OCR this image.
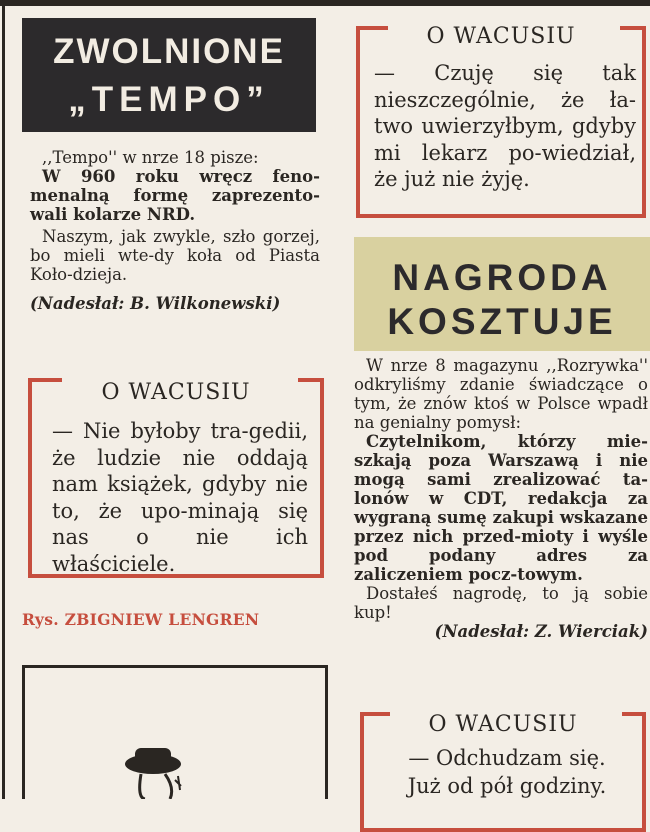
ZWOLNIONE
„TEMPO”

,,Tempo'' w nrze 18 pisze:

W 960 roku wręcz feno-menalną formę zaprezento-wali kolarze NRD.

Naszym, jak zwykle, szło gorzej, bo mieli wte-dy koła od Piasta Koło-dzieja.

(Nadesłał: B. Wilkonewski)

O WACUSIU
— Nie byłoby tra-gedii, że ludzie nie oddają nam książek, gdyby nie to, że upo-minają się nas o nie ich właściciele.
Rys. ZBIGNIEW LENGREN
O WACUSIU
— Czuję się tak nieszczególnie, że ła-two uwierzyłbym, gdyby mi lekarz po-wiedział, że już nie żyję.
NAGRODA
KOSZTUJE

W nrze 8 magazynu ,,Rozrywka'' odkryliśmy zdanie świadczące o tym, że znów ktoś w Polsce wpadł na genialny pomysł:

Czytelnikom, którzy mie-szkają poza Warszawą i nie mogą sami zrealizować ta-lonów w CDT, redakcja za wygraną sumę zakupi wskazane przez nich przed-mioty i wyśle pod podany adres za zaliczeniem pocz-towym.

Dostałeś nagrodę, to ją sobie kup!

(Nadesłał: Z. Wierciak)

O WACUSIU
— Odchudzam się.
Już od pół godziny.
